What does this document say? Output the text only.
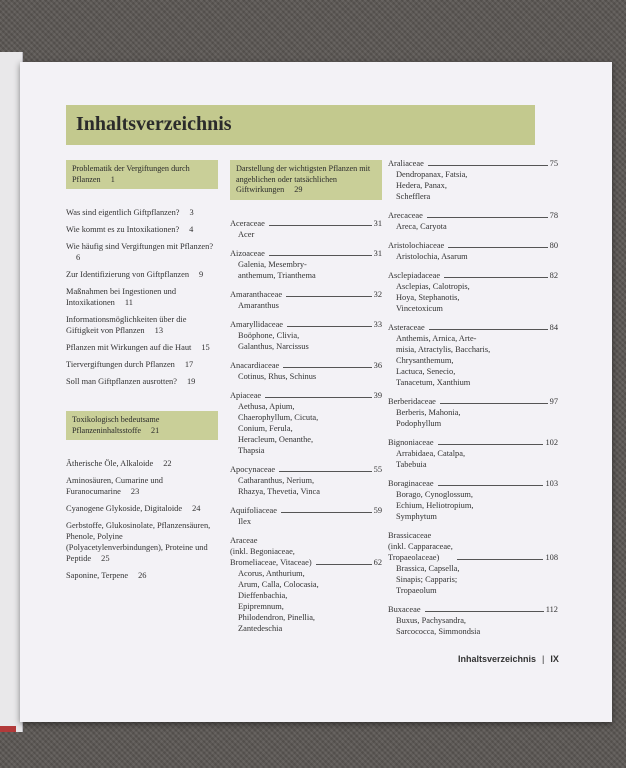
Inhaltsverzeichnis
Problematik der Vergiftungen durch Pflanzen 1
Was sind eigentlich Giftpflanzen? 3
Wie kommt es zu Intoxikationen? 4
Wie häufig sind Vergiftungen mit Pflanzen?6
Zur Identifizierung von Giftpflanzen 9
Maßnahmen bei Ingestionen und Intoxikationen 11
Informationsmöglichkeiten über die Giftigkeit von Pflanzen 13
Pflanzen mit Wirkungen auf die Haut 15
Tiervergiftungen durch Pflanzen 17
Soll man Giftpflanzen ausrotten? 19
Toxikologisch bedeutsame Pflanzeninhaltsstoffe 21
Ätherische Öle, Alkaloide 22
Aminosäuren, Cumarine und Furanocumarine 23
Cyanogene Glykoside, Digitaloide 24
Gerbstoffe, Glukosinolate, Pflanzensäuren, Phenole, Polyine (Polyacetylenverbindungen), Proteine und Peptide 25
Saponine, Terpene 26
Darstellung der wichtigsten Pflanzen mit angeblichen oder tatsächlichen Giftwirkungen 29
Aceraceae	31
Acer
Aizoaceae	31
Galenia, Mesembry-
anthemum, Trianthema
Amaranthaceae	32
Amaranthus
Amaryllidaceae	33
Boöphone, Clivia,
Galanthus, Narcissus
Anacardiaceae	36
Cotinus, Rhus, Schinus
Apiaceae	39
Aethusa, Apium,
Chaerophyllum, Cicuta,
Conium, Ferula,
Heracleum, Oenanthe,
Thapsia
Apocynaceae	55
Catharanthus, Nerium,
Rhazya, Thevetia, Vinca
Aquifoliaceae	59
Ilex
Araceae
(inkl. Begoniaceae,
Bromeliaceae, Vitaceae)	62
Acorus, Anthurium,
Arum, Calla, Colocasia,
Dieffenbachia,
Epipremnum,
Philodendron, Pinellia,
Zantedeschia
Araliaceae	75
Dendropanax, Fatsia,
Hedera, Panax,
Schefflera
Arecaceae	78
Areca, Caryota
Aristolochiaceae	80
Aristolochia, Asarum
Asclepiadaceae	82
Asclepias, Calotropis,
Hoya, Stephanotis,
Vincetoxicum
Asteraceae	84
Anthemis, Arnica, Arte-
misia, Atractylis, Baccharis,
Chrysanthemum,
Lactuca, Senecio,
Tanacetum, Xanthium
Berberidaceae	97
Berberis, Mahonia,
Podophyllum
Bignoniaceae	102
Arrabidaea, Catalpa,
Tabebuia
Boraginaceae	103
Borago, Cynoglossum,
Echium, Heliotropium,
Symphytum
Brassicaceae
(inkl. Capparaceae,
Tropaeolaceae)	108
Brassica, Capsella,
Sinapis; Capparis;
Tropaeolum
Buxaceae	112
Buxus, Pachysandra,
Sarcococca, Simmondsia
Inhaltsverzeichnis | IX
